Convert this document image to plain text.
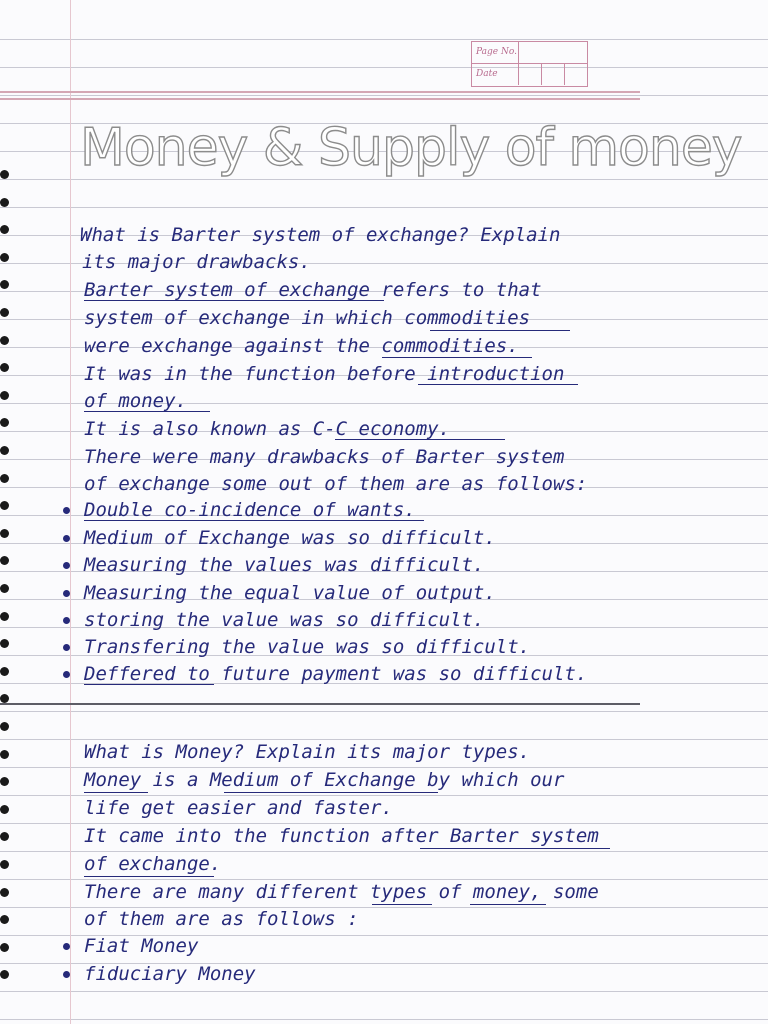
Page No.
Date
Money & Supply of money

What is Barter system of exchange? Explain

its major drawbacks.

Barter system of exchange refers to that

system of exchange in which commodities

were exchange against the commodities.

It was in the function before introduction

of money.

It is also known as C-C economy.

There were many drawbacks of Barter system

of exchange some out of them are as follows:

Double co-incidence of wants.

Medium of Exchange was so difficult.

Measuring the values was difficult.

Measuring the equal value of output.

storing the value was so difficult.

Transfering the value was so difficult.

Deffered to future payment was so difficult.

What is Money? Explain its major types.

Money is a Medium of Exchange by which our

life get easier and faster.

It came into the function after Barter system

of exchange.

There are many different types of money, some

of them are as follows :

Fiat Money

fiduciary Money
